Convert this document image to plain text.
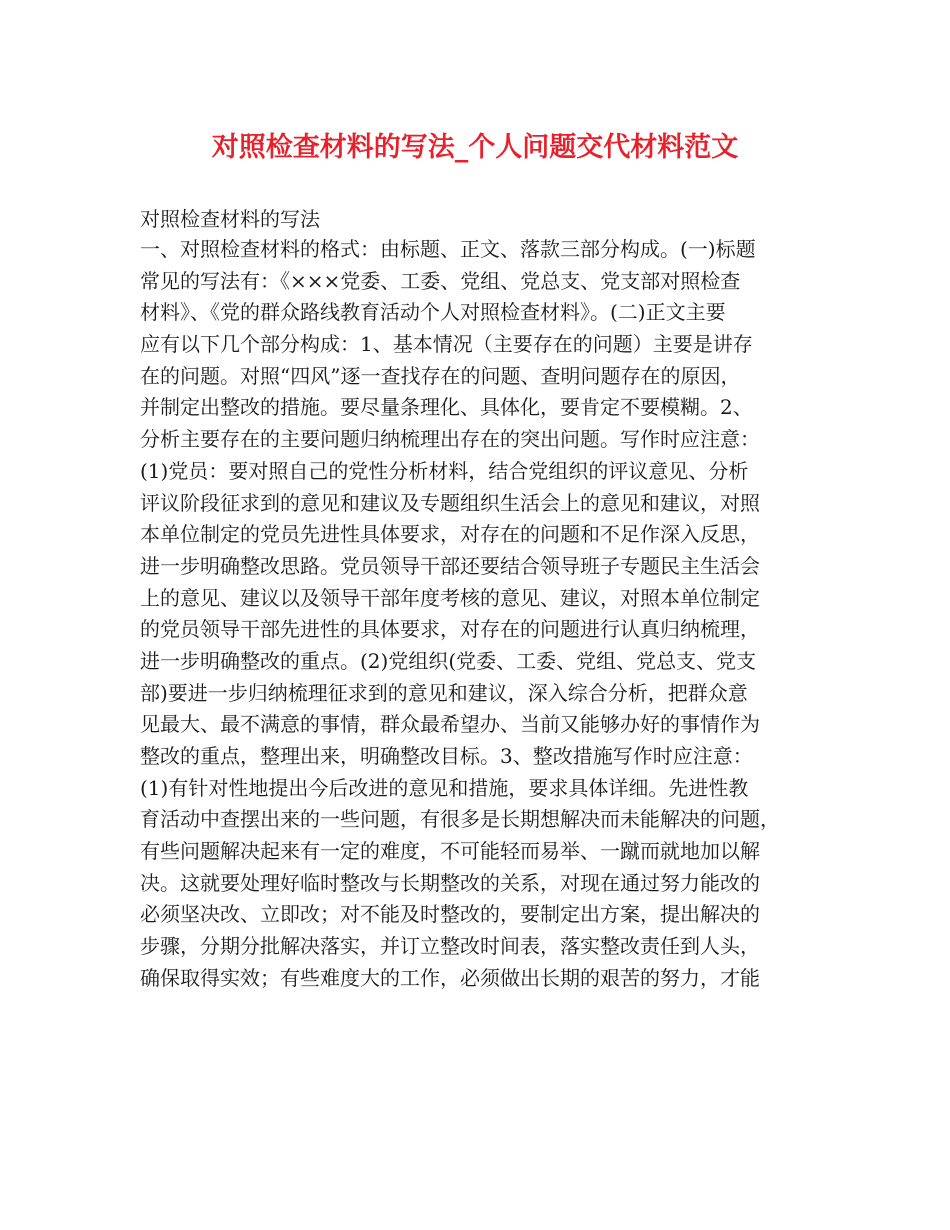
对照检查材料的写法_个人问题交代材料范文
对照检查材料的写法
一、对照检查材料的格式：由标题、正文、落款三部分构成。(一)标题
常见的写法有：《×××党委、工委、党组、党总支、党支部对照检查
材料》、《党的群众路线教育活动个人对照检查材料》。(二)正文主要
应有以下几个部分构成：1、基本情况（主要存在的问题）主要是讲存
在的问题。对照“四风”逐一查找存在的问题、查明问题存在的原因，
并制定出整改的措施。要尽量条理化、具体化，要肯定不要模糊。2、
分析主要存在的主要问题归纳梳理出存在的突出问题。写作时应注意：
(1)党员：要对照自己的党性分析材料，结合党组织的评议意见、分析
评议阶段征求到的意见和建议及专题组织生活会上的意见和建议，对照
本单位制定的党员先进性具体要求，对存在的问题和不足作深入反思，
进一步明确整改思路。党员领导干部还要结合领导班子专题民主生活会
上的意见、建议以及领导干部年度考核的意见、建议，对照本单位制定
的党员领导干部先进性的具体要求，对存在的问题进行认真归纳梳理，
进一步明确整改的重点。(2)党组织(党委、工委、党组、党总支、党支
部)要进一步归纳梳理征求到的意见和建议，深入综合分析，把群众意
见最大、最不满意的事情，群众最希望办、当前又能够办好的事情作为
整改的重点，整理出来，明确整改目标。3、整改措施写作时应注意：
(1)有针对性地提出今后改进的意见和措施，要求具体详细。先进性教
育活动中查摆出来的一些问题，有很多是长期想解决而未能解决的问题，
有些问题解决起来有一定的难度，不可能轻而易举、一蹴而就地加以解
决。这就要处理好临时整改与长期整改的关系，对现在通过努力能改的
必须坚决改、立即改；对不能及时整改的，要制定出方案，提出解决的
步骤，分期分批解决落实，并订立整改时间表，落实整改责任到人头，
确保取得实效；有些难度大的工作，必须做出长期的艰苦的努力，才能
